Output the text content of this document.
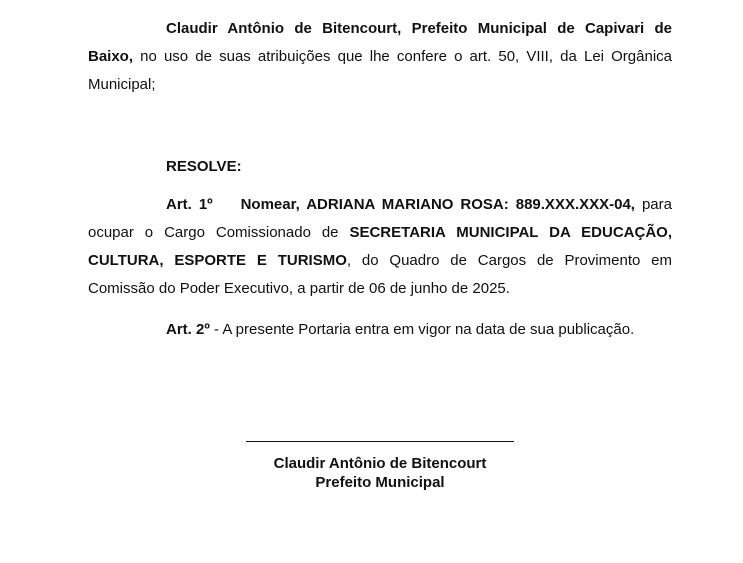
Claudir Antônio de Bitencourt, Prefeito Municipal de Capivari de Baixo, no uso de suas atribuições que lhe confere o art. 50, VIII, da Lei Orgânica Municipal;

RESOLVE:

Art. 1º Nomear, ADRIANA MARIANO ROSA: 889.XXX.XXX-04, para ocupar o Cargo Comissionado de SECRETARIA MUNICIPAL DA EDUCAÇÃO, CULTURA, ESPORTE E TURISMO, do Quadro de Cargos de Provimento em Comissão do Poder Executivo, a partir de 06 de junho de 2025.

Art. 2º - A presente Portaria entra em vigor na data de sua publicação.

Claudir Antônio de Bitencourt
Prefeito Municipal
